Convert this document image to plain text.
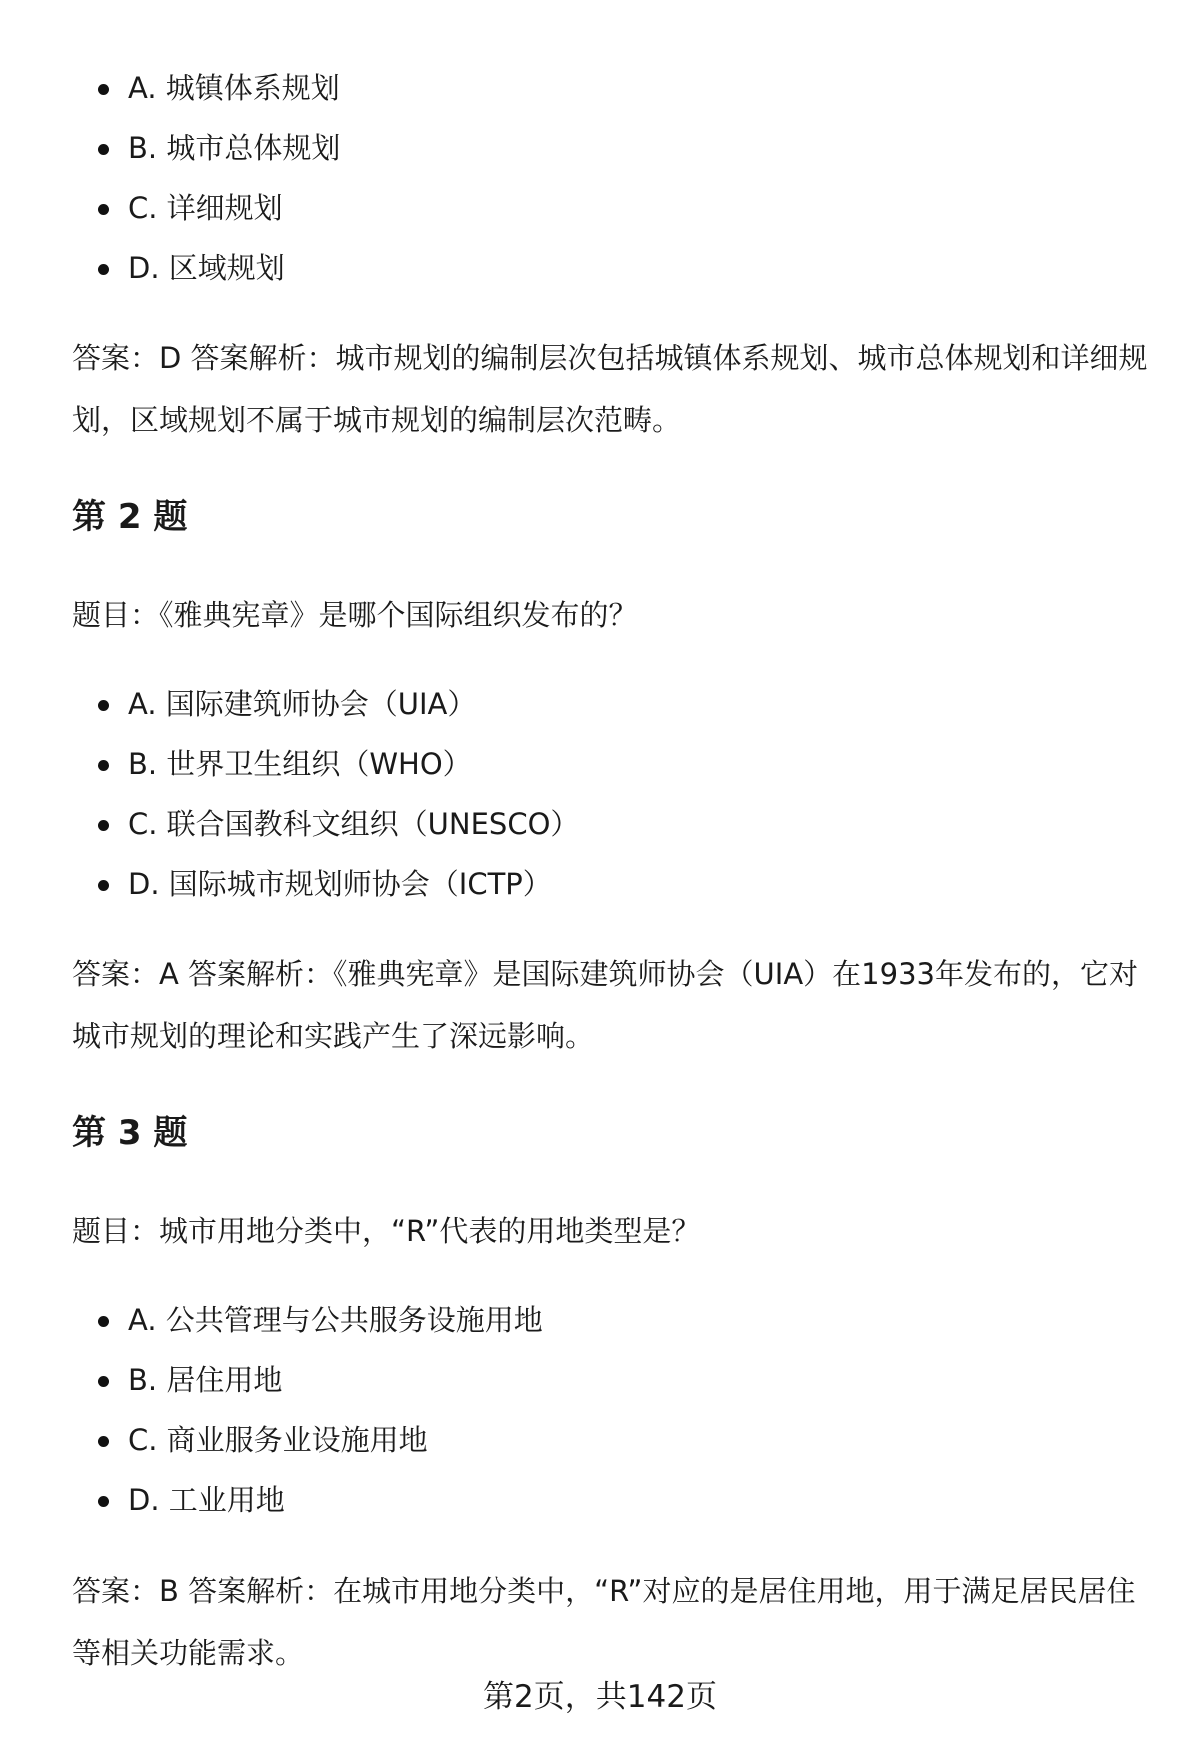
A. 城镇体系规划
B. 城市总体规划
C. 详细规划
D. 区域规划

答案：D 答案解析：城市规划的编制层次包括城镇体系规划、城市总体规划和详细规划，区域规划不属于城市规划的编制层次范畴。

第 2 题

题目：《雅典宪章》是哪个国际组织发布的？

A. 国际建筑师协会（UIA）
B. 世界卫生组织（WHO）
C. 联合国教科文组织（UNESCO）
D. 国际城市规划师协会（ICTP）

答案：A 答案解析：《雅典宪章》是国际建筑师协会（UIA）在1933年发布的，它对城市规划的理论和实践产生了深远影响。

第 3 题

题目：城市用地分类中，“R”代表的用地类型是？

A. 公共管理与公共服务设施用地
B. 居住用地
C. 商业服务业设施用地
D. 工业用地

答案：B 答案解析：在城市用地分类中，“R”对应的是居住用地，用于满足居民居住等相关功能需求。

第2页，共142页
